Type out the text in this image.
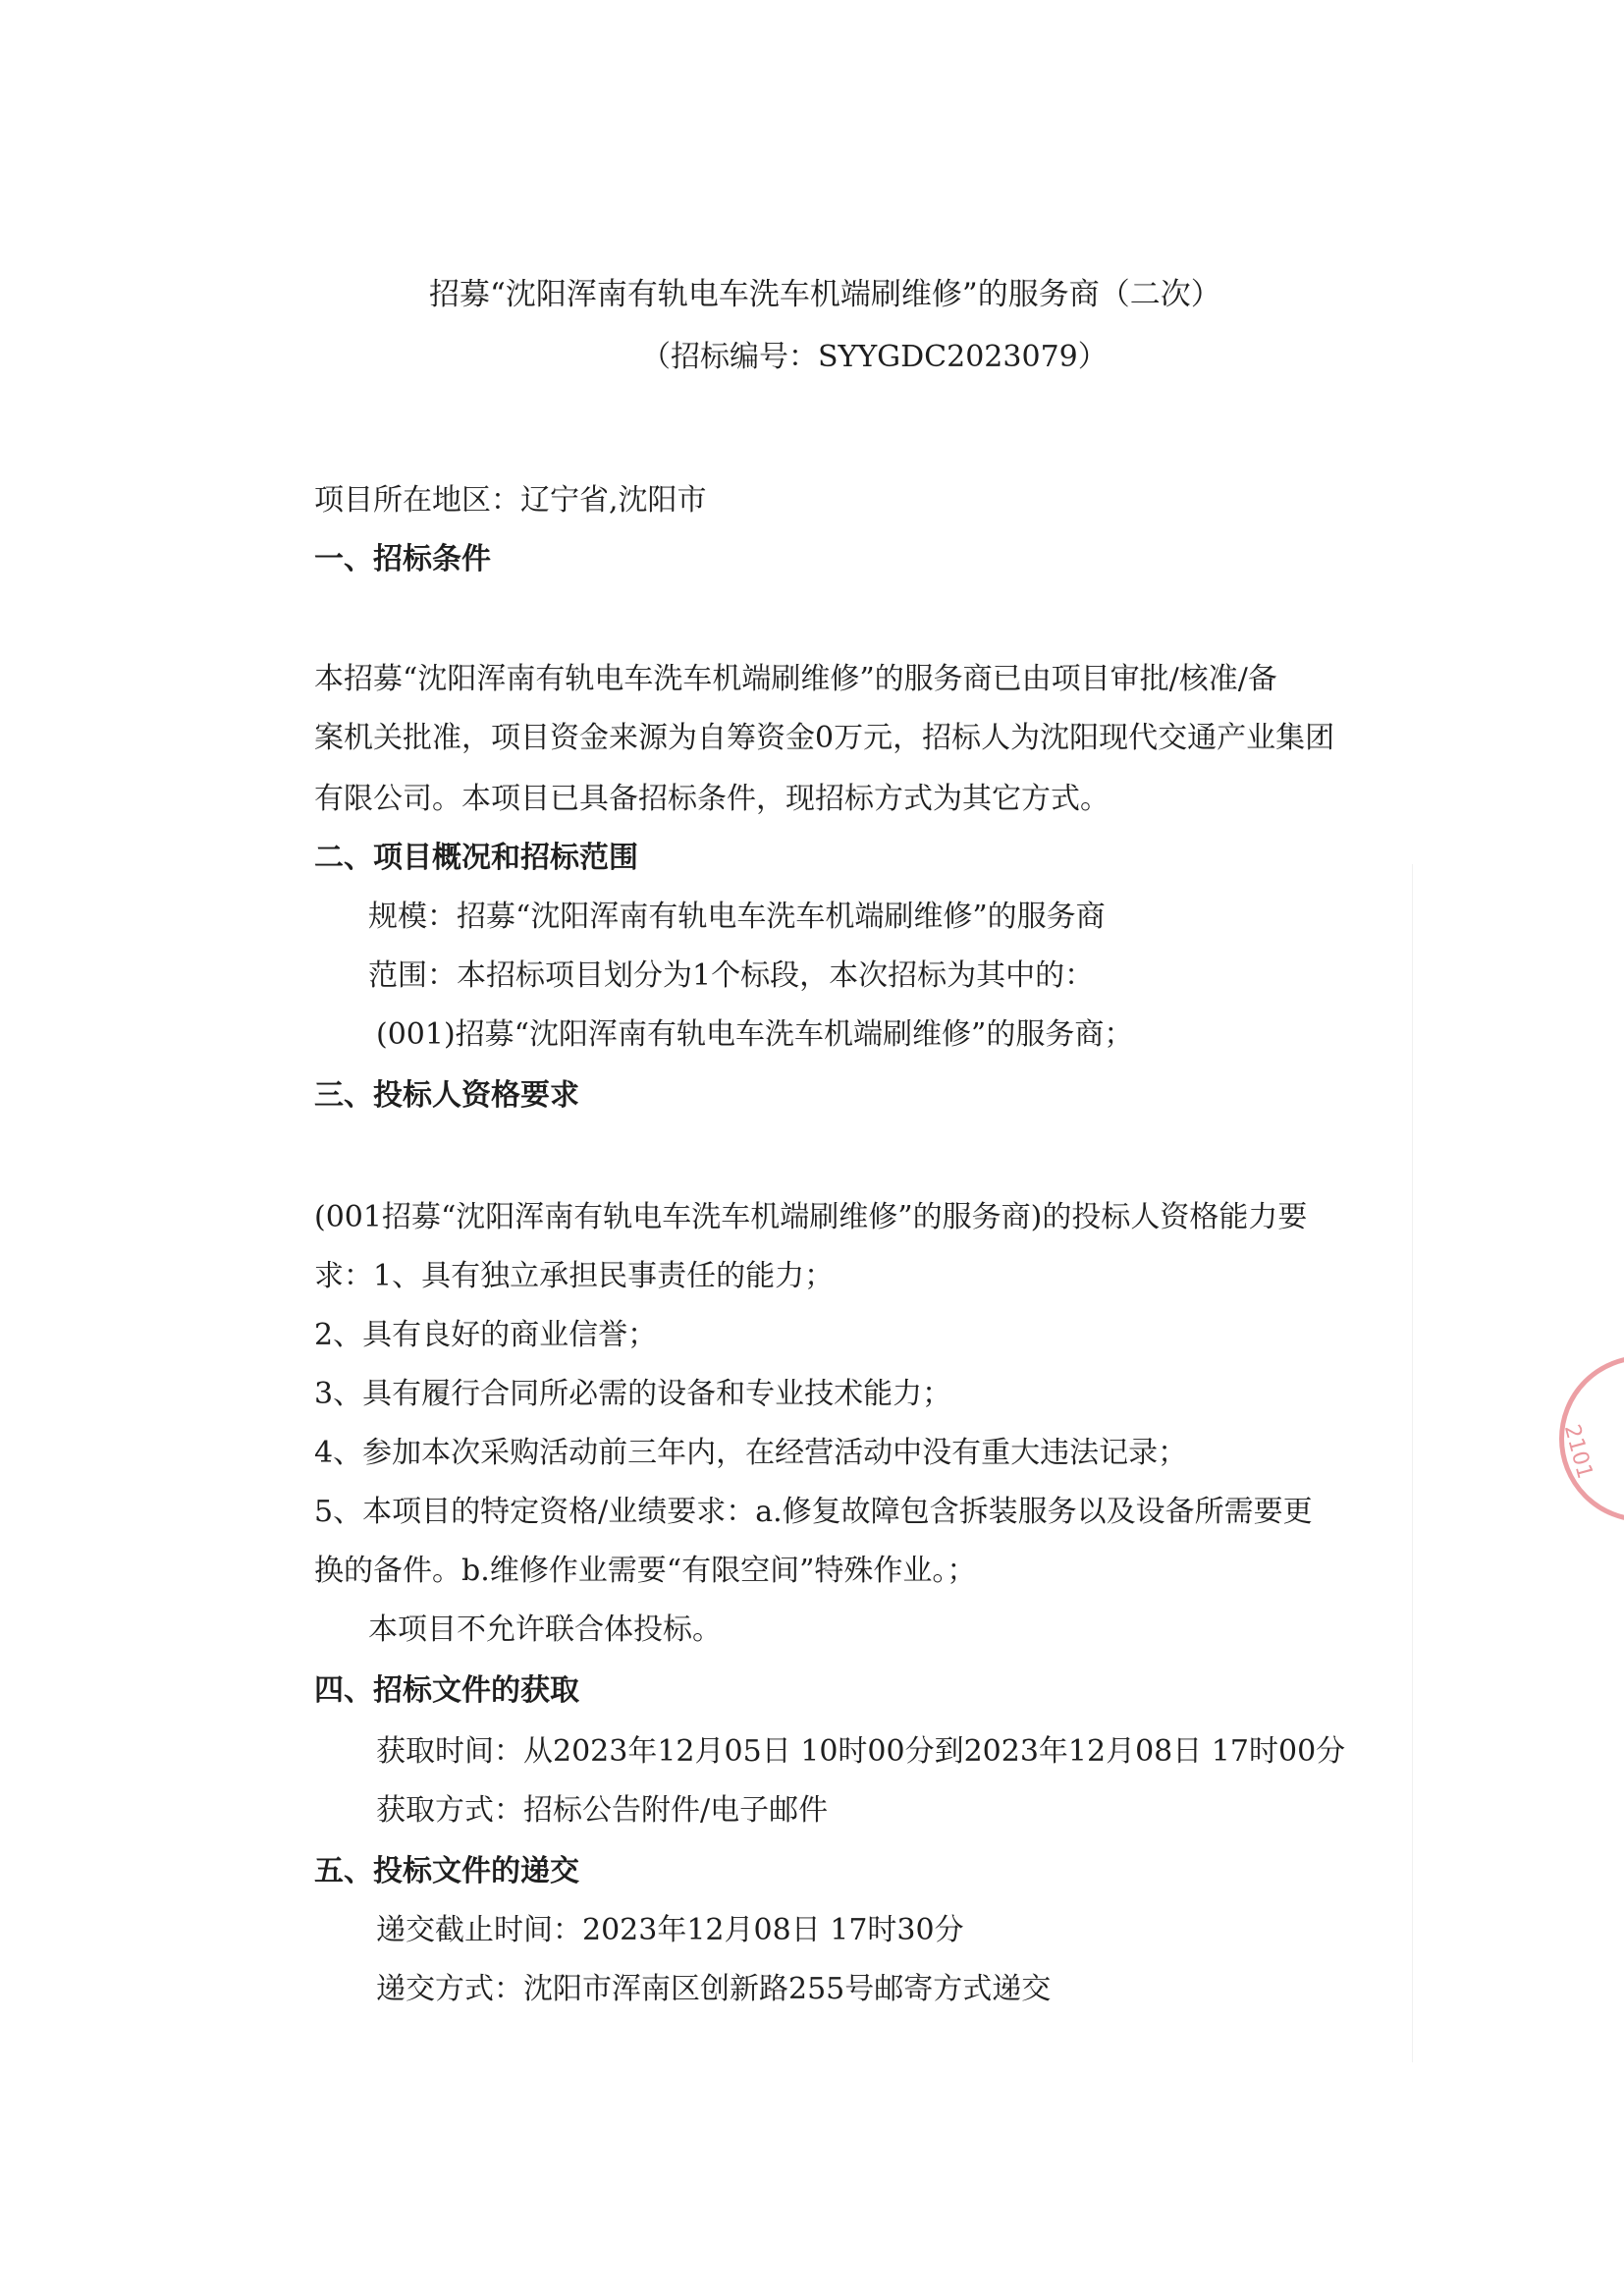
招募“沈阳浑南有轨电车洗车机端刷维修”的服务商（二次）
（招标编号：SYYGDC2023079）
项目所在地区：辽宁省,沈阳市
一、招标条件
本招募“沈阳浑南有轨电车洗车机端刷维修”的服务商已由项目审批/核准/备
案机关批准，项目资金来源为自筹资金0万元，招标人为沈阳现代交通产业集团
有限公司。本项目已具备招标条件，现招标方式为其它方式。
二、项目概况和招标范围
规模：招募“沈阳浑南有轨电车洗车机端刷维修”的服务商
范围：本招标项目划分为1个标段，本次招标为其中的：
(001)招募“沈阳浑南有轨电车洗车机端刷维修”的服务商；
三、投标人资格要求
(001招募“沈阳浑南有轨电车洗车机端刷维修”的服务商)的投标人资格能力要
求：1、具有独立承担民事责任的能力；
2、具有良好的商业信誉；
3、具有履行合同所必需的设备和专业技术能力；
4、参加本次采购活动前三年内，在经营活动中没有重大违法记录；
5、本项目的特定资格/业绩要求：a.修复故障包含拆装服务以及设备所需要更
换的备件。b.维修作业需要“有限空间”特殊作业。；
本项目不允许联合体投标。
四、招标文件的获取
获取时间：从2023年12月05日 10时00分到2023年12月08日 17时00分
获取方式：招标公告附件/电子邮件
五、投标文件的递交
递交截止时间：2023年12月08日 17时30分
递交方式：沈阳市浑南区创新路255号邮寄方式递交
2101
